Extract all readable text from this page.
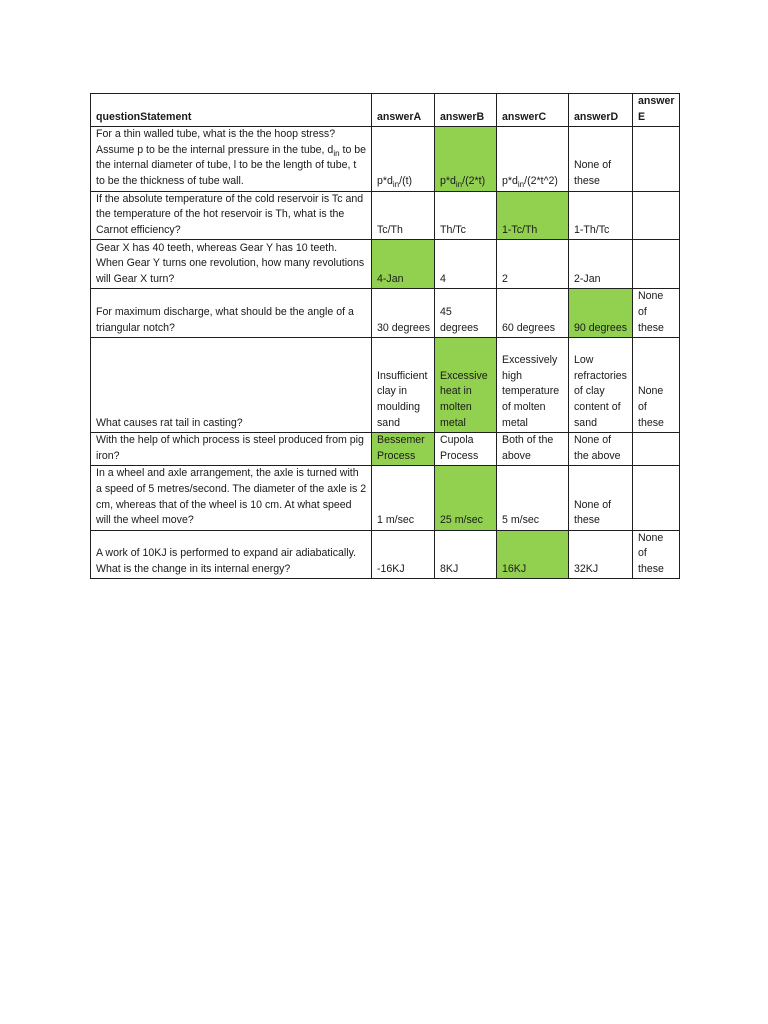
questionStatement	answerA	answerB	answerC	answerD	answer E
For a thin walled tube, what is the the hoop stress? Assume p to be the internal pressure in the tube, $d_{in}$ to be the internal diameter of tube, l to be the length of tube, t to be the thickness of tube wall.	$p*d_{in}/(t)$	$p*d_{in}/(2*t)$	$p*d_{in}/(2*t\^{}2)$	None of these	
If the absolute temperature of the cold reservoir is Tc and the temperature of the hot reservoir is Th, what is the Carnot efficiency?	Tc/Th	Th/Tc	1-Tc/Th	1-Th/Tc	
Gear X has 40 teeth, whereas Gear Y has 10 teeth. When Gear Y turns one revolution, how many revolutions will Gear X turn?	4-Jan	4	2	2-Jan	
For maximum discharge, what should be the angle of a triangular notch?	30 degrees	45 degrees	60 degrees	90 degrees	None of these
What causes rat tail in casting?	Insufficient clay in moulding sand	Excessive heat in molten metal	Excessively high temperature of molten metal	Low refractories of clay content of sand	None of these
With the help of which process is steel produced from pig iron?	Bessemer Process	Cupola Process	Both of the above	None of the above	
In a wheel and axle arrangement, the axle is turned with a speed of 5 metres/second. The diameter of the axle is 2 cm, whereas that of the wheel is 10 cm. At what speed will the wheel move?	1 m/sec	25 m/sec	5 m/sec	None of these	
A work of 10KJ is performed to expand air adiabatically. What is the change in its internal energy?	-16KJ	8KJ	16KJ	32KJ	None of these
